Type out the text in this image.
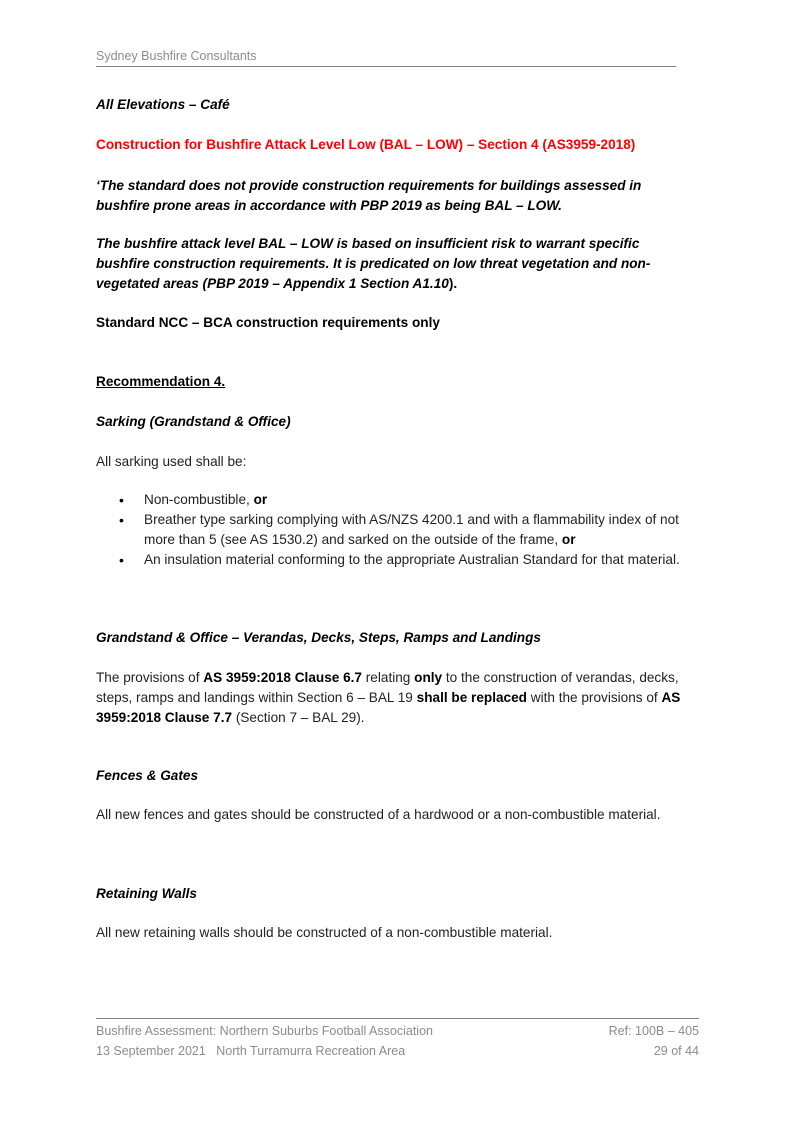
Sydney Bushfire Consultants
All Elevations – Café
Construction for Bushfire Attack Level Low (BAL – LOW) – Section 4 (AS3959-2018)
‘The standard does not provide construction requirements for buildings assessed in bushfire prone areas in accordance with PBP 2019 as being BAL – LOW.
The bushfire attack level BAL – LOW is based on insufficient risk to warrant specific bushfire construction requirements. It is predicated on low threat vegetation and non-vegetated areas (PBP 2019 – Appendix 1 Section A1.10).
Standard NCC – BCA construction requirements only
Recommendation 4.
Sarking (Grandstand & Office)
All sarking used shall be:
• Non-combustible, or
• Breather type sarking complying with AS/NZS 4200.1 and with a flammability index of not more than 5 (see AS 1530.2) and sarked on the outside of the frame, or
• An insulation material conforming to the appropriate Australian Standard for that material.
Grandstand & Office – Verandas, Decks, Steps, Ramps and Landings
The provisions of AS 3959:2018 Clause 6.7 relating only to the construction of verandas, decks, steps, ramps and landings within Section 6 – BAL 19 shall be replaced with the provisions of AS 3959:2018 Clause 7.7 (Section 7 – BAL 29).
Fences & Gates
All new fences and gates should be constructed of a hardwood or a non-combustible material.
Retaining Walls
All new retaining walls should be constructed of a non-combustible material.
Bushfire Assessment: Northern Suburbs Football Association	Ref: 100B – 405
13 September 2021   North Turramurra Recreation Area	29 of 44
